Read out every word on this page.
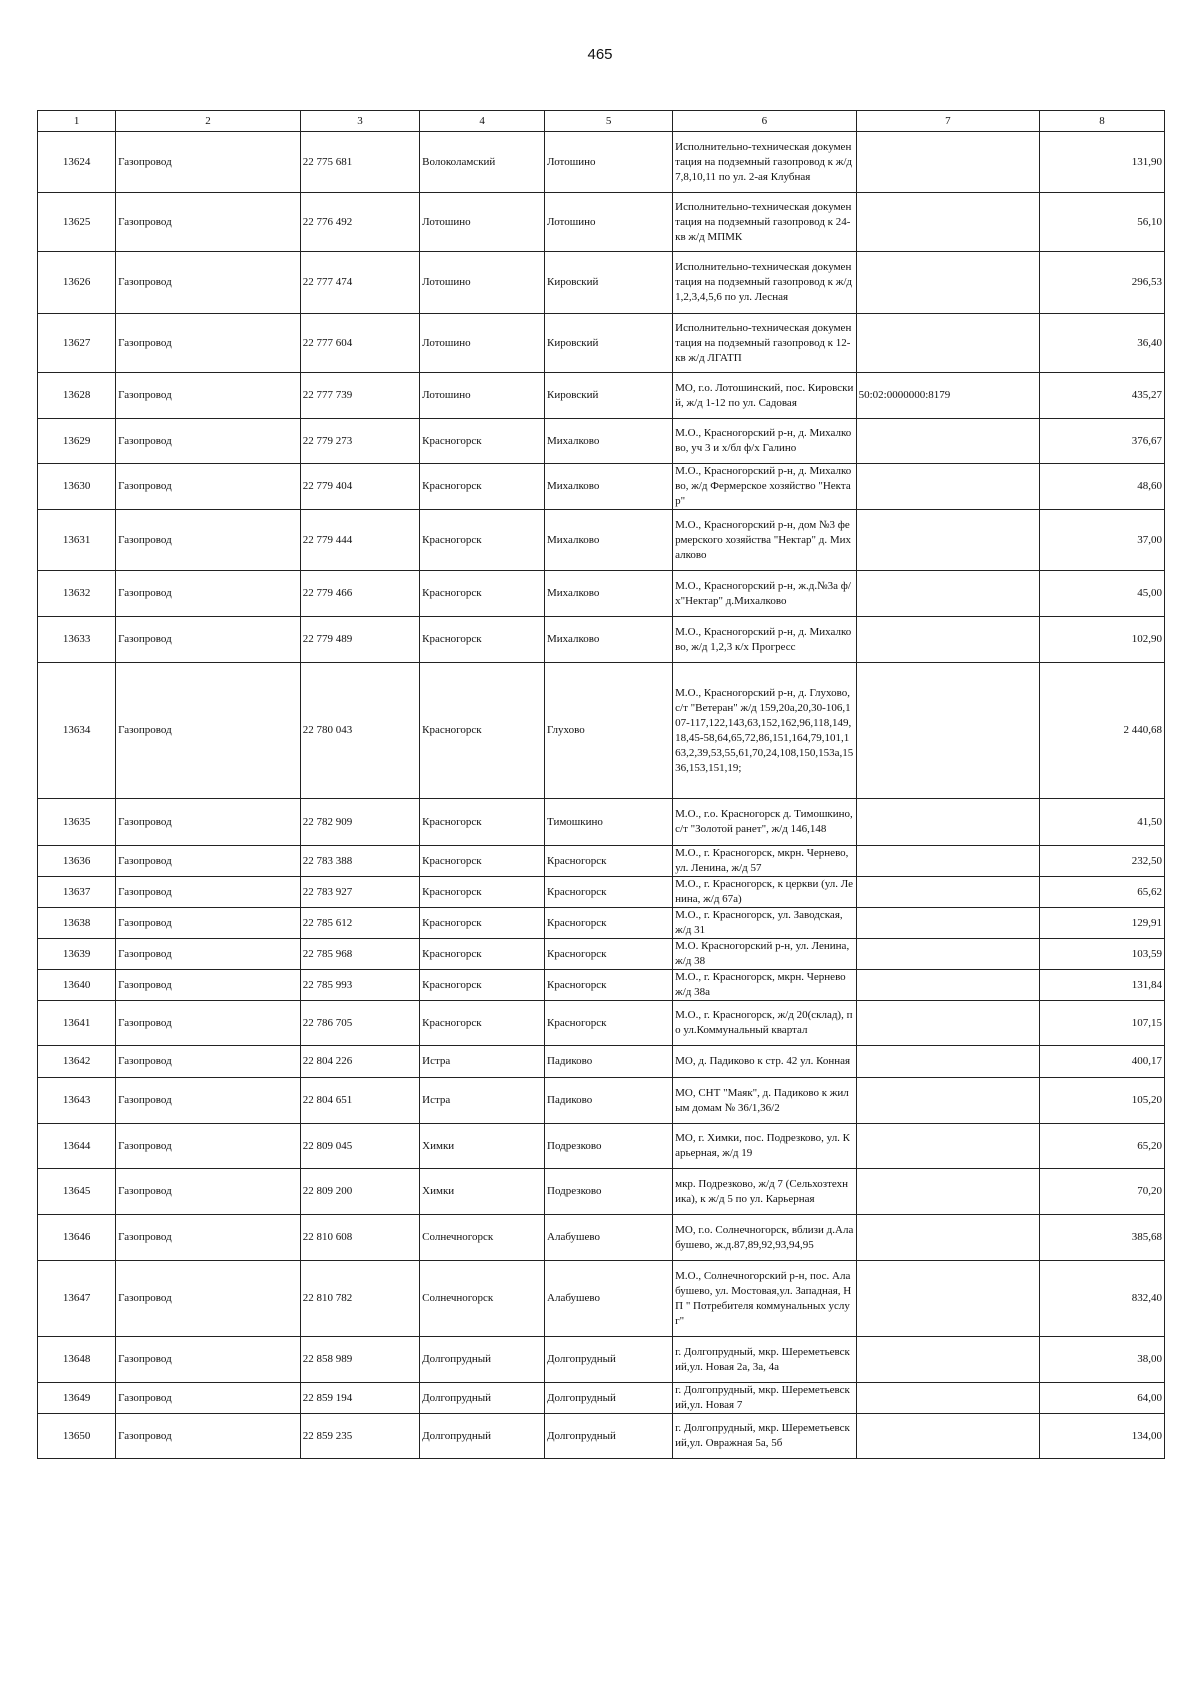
465
1	2	3	4	5	6	7	8
13624	Газопровод	22 775 681	Волоколамский	Лотошино	Исполнительно-техническая документация на подземный газопровод к ж/д 7,8,10,11 по ул. 2-ая Клубная		131,90
13625	Газопровод	22 776 492	Лотошино	Лотошино	Исполнительно-техническая документация на подземный газопровод к 24-кв ж/д МПМК		56,10
13626	Газопровод	22 777 474	Лотошино	Кировский	Исполнительно-техническая документация на подземный газопровод к ж/д 1,2,3,4,5,6 по ул. Лесная		296,53
13627	Газопровод	22 777 604	Лотошино	Кировский	Исполнительно-техническая документация на подземный газопровод к 12-кв ж/д ЛГАТП		36,40
13628	Газопровод	22 777 739	Лотошино	Кировский	МО, г.о. Лотошинский, пос. Кировский, ж/д 1-12 по ул. Садовая	50:02:0000000:8179	435,27
13629	Газопровод	22 779 273	Красногорск	Михалково	М.О., Красногорский р-н, д. Михалково, уч 3 и х/бл ф/х Галино		376,67
13630	Газопровод	22 779 404	Красногорск	Михалково	М.О., Красногорский р-н, д. Михалково, ж/д Фермерское хозяйство "Нектар"		48,60
13631	Газопровод	22 779 444	Красногорск	Михалково	М.О., Красногорский р-н, дом №3 фермерского хозяйства "Нектар" д. Михалково		37,00
13632	Газопровод	22 779 466	Красногорск	Михалково	М.О., Красногорский р-н, ж.д.№3а ф/х"Нектар" д.Михалково		45,00
13633	Газопровод	22 779 489	Красногорск	Михалково	М.О., Красногорский р-н, д. Михалково, ж/д 1,2,3 к/х Прогресс		102,90
13634	Газопровод	22 780 043	Красногорск	Глухово	М.О., Красногорский р-н, д. Глухово, с/т "Ветеран" ж/д 159,20а,20,30-106,107-117,122,143,63,152,162,96,118,149,18,45-58,64,65,72,86,151,164,79,101,163,2,39,53,55,61,70,24,108,150,153а,1536,153,151,19;		2 440,68
13635	Газопровод	22 782 909	Красногорск	Тимошкино	М.О., г.о. Красногорск д. Тимошкино, с/т "Золотой ранет", ж/д 146,148		41,50
13636	Газопровод	22 783 388	Красногорск	Красногорск	М.О., г. Красногорск, мкрн. Чернево, ул. Ленина, ж/д 57		232,50
13637	Газопровод	22 783 927	Красногорск	Красногорск	М.О., г. Красногорск, к церкви (ул. Ленина, ж/д 67а)		65,62
13638	Газопровод	22 785 612	Красногорск	Красногорск	М.О., г. Красногорск, ул. Заводская, ж/д 31		129,91
13639	Газопровод	22 785 968	Красногорск	Красногорск	М.О. Красногорский р-н, ул. Ленина, ж/д 38		103,59
13640	Газопровод	22 785 993	Красногорск	Красногорск	М.О., г. Красногорск, мкрн. Чернево ж/д 38а		131,84
13641	Газопровод	22 786 705	Красногорск	Красногорск	М.О., г. Красногорск, ж/д 20(склад), по ул.Коммунальный квартал		107,15
13642	Газопровод	22 804 226	Истра	Падиково	МО, д. Падиково к стр. 42 ул. Конная		400,17
13643	Газопровод	22 804 651	Истра	Падиково	МО, СНТ "Маяк", д. Падиково к жилым домам № 36/1,36/2		105,20
13644	Газопровод	22 809 045	Химки	Подрезково	МО, г. Химки, пос. Подрезково, ул. Карьерная, ж/д 19		65,20
13645	Газопровод	22 809 200	Химки	Подрезково	мкр. Подрезково, ж/д 7 (Сельхозтехника), к ж/д 5 по ул. Карьерная		70,20
13646	Газопровод	22 810 608	Солнечногорск	Алабушево	МО, г.о. Солнечногорск, вблизи д.Алабушево, ж.д.87,89,92,93,94,95		385,68
13647	Газопровод	22 810 782	Солнечногорск	Алабушево	М.О., Солнечногорский р-н, пос. Алабушево, ул. Мостовая,ул. Западная, НП " Потребителя коммунальных услуг"		832,40
13648	Газопровод	22 858 989	Долгопрудный	Долгопрудный	г. Долгопрудный, мкр. Шереметьевский,ул. Новая 2а, 3а, 4а		38,00
13649	Газопровод	22 859 194	Долгопрудный	Долгопрудный	г. Долгопрудный, мкр. Шереметьевский,ул. Новая 7		64,00
13650	Газопровод	22 859 235	Долгопрудный	Долгопрудный	г. Долгопрудный, мкр. Шереметьевский,ул. Овражная 5а, 5б		134,00
